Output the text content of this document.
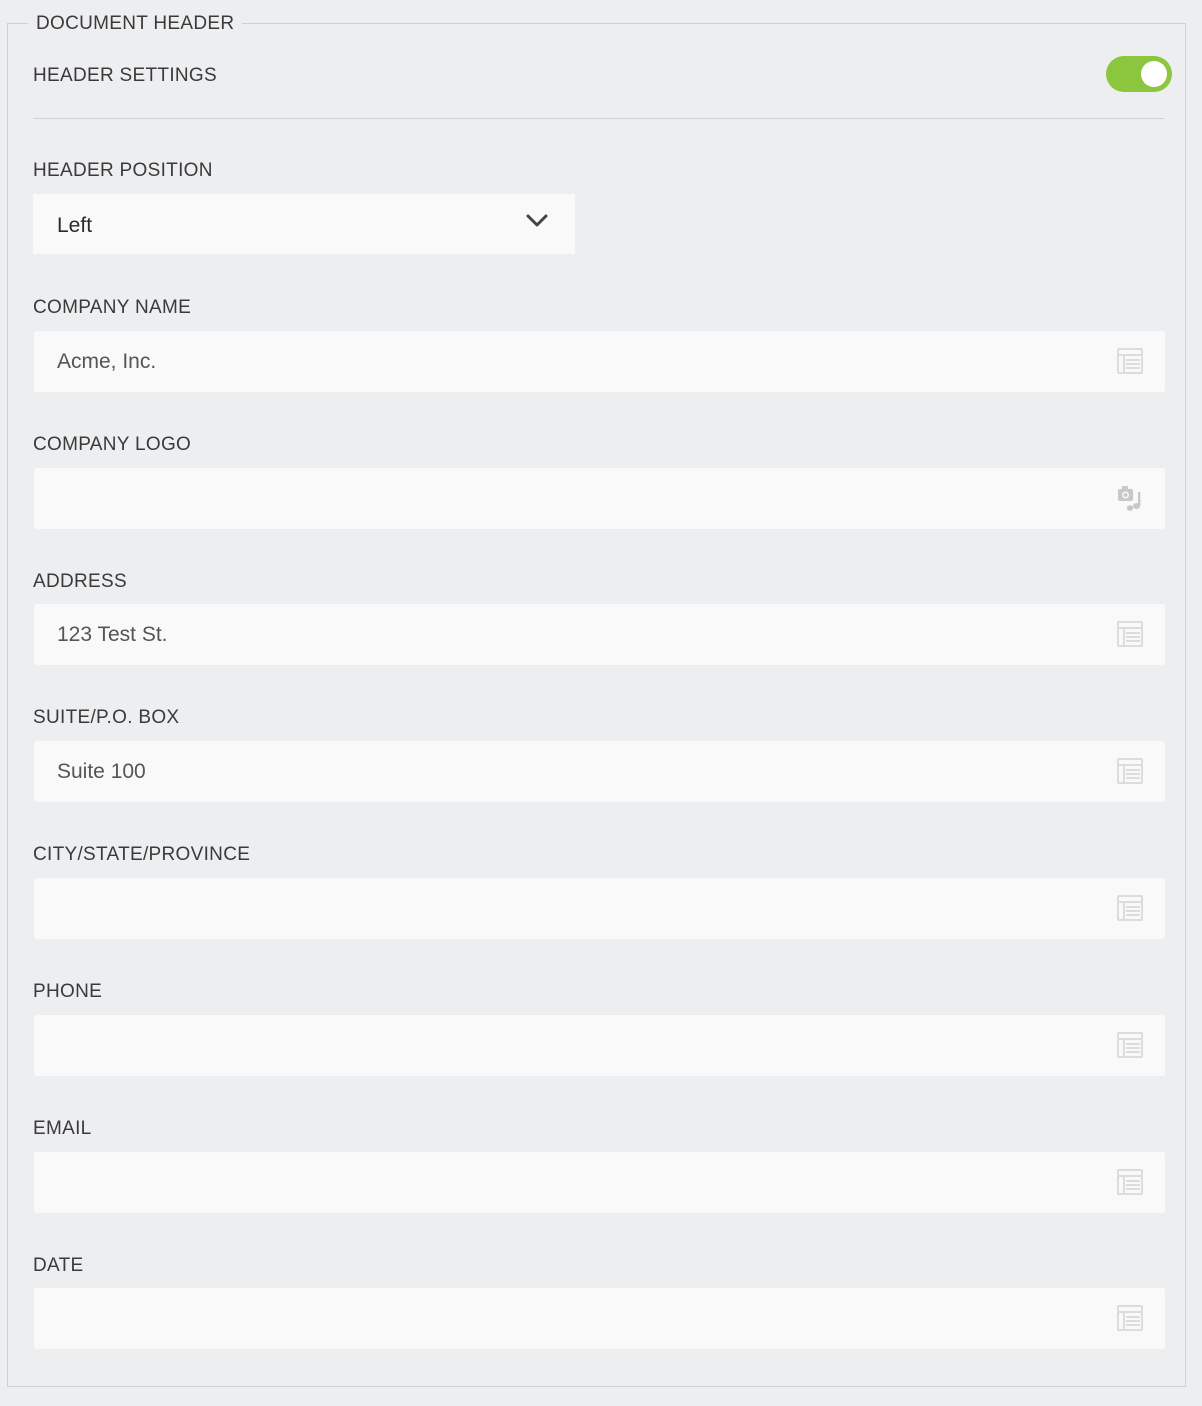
DOCUMENT HEADER
HEADER SETTINGS
HEADER POSITION
Left
COMPANY NAME
Acme, Inc.
COMPANY LOGO
ADDRESS
123 Test St.
SUITE/P.O. BOX
Suite 100
CITY/STATE/PROVINCE
PHONE
EMAIL
DATE
